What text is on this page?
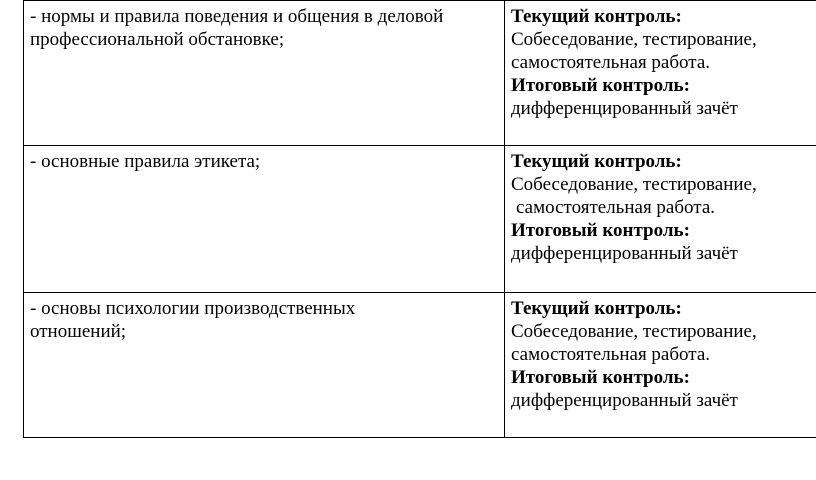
- нормы и правила поведения и общения в деловой
профессиональной обстановке;	Текущий контроль:
Собеседование, тестирование,
самостоятельная работа.
Итоговый контроль:
дифференцированный зачёт

- основные правила этикета;	Текущий контроль:
Собеседование, тестирование,
самостоятельная работа.
Итоговый контроль:
дифференцированный зачёт

- основы психологии производственных
отношений;	Текущий контроль:
Собеседование, тестирование,
самостоятельная работа.
Итоговый контроль:
дифференцированный зачёт
